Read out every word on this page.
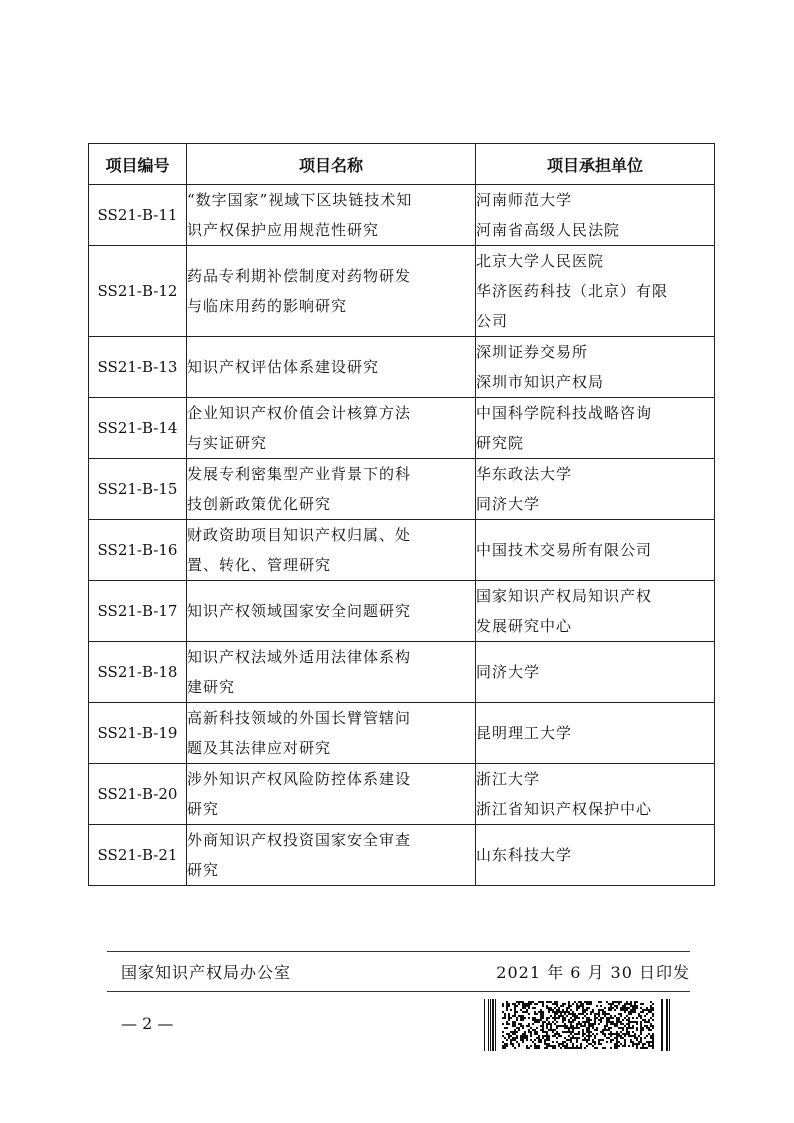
项目编号	项目名称	项目承担单位
SS21-B-11	“数字国家”视域下区块链技术知
识产权保护应用规范性研究	河南师范大学
河南省高级人民法院

SS21-B-12	药品专利期补偿制度对药物研发
与临床用药的影响研究	北京大学人民医院
华济医药科技（北京）有限
公司

SS21-B-13	知识产权评估体系建设研究	深圳证券交易所
深圳市知识产权局

SS21-B-14	企业知识产权价值会计核算方法
与实证研究	中国科学院科技战略咨询
研究院

SS21-B-15	发展专利密集型产业背景下的科
技创新政策优化研究	华东政法大学
同济大学

SS21-B-16	财政资助项目知识产权归属、处
置、转化、管理研究	中国技术交易所有限公司

SS21-B-17	知识产权领域国家安全问题研究	国家知识产权局知识产权
发展研究中心

SS21-B-18	知识产权法域外适用法律体系构
建研究	同济大学

SS21-B-19	高新科技领域的外国长臂管辖问
题及其法律应对研究	昆明理工大学

SS21-B-20	涉外知识产权风险防控体系建设
研究	浙江大学
浙江省知识产权保护中心

SS21-B-21	外商知识产权投资国家安全审查
研究	山东科技大学
国家知识产权局办公室	2021 年 6 月 30 日印发
— 2 —
